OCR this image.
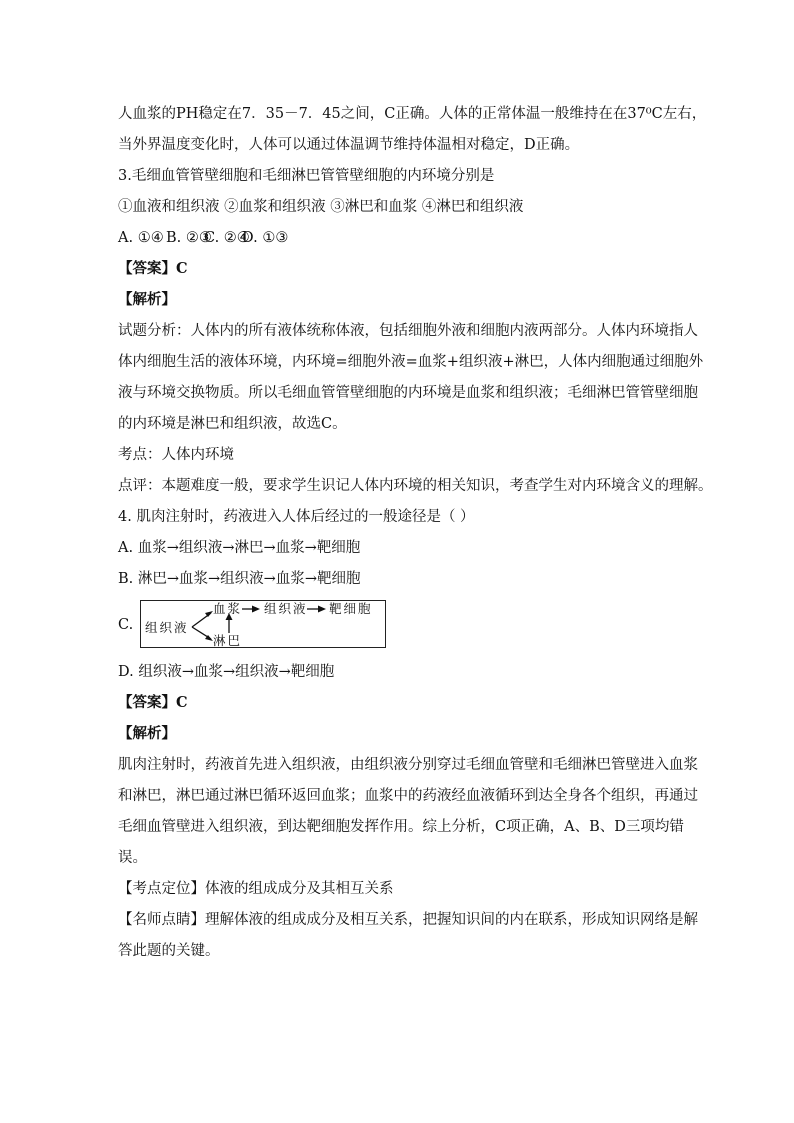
人血浆的PH稳定在7．35－7．45之间，C正确。人体的正常体温一般维持在在37⁰C左右，
当外界温度变化时，人体可以通过体温调节维持体温相对稳定，D正确。
3.毛细血管管壁细胞和毛细淋巴管管壁细胞的内环境分别是
①血液和组织液 ②血浆和组织液 ③淋巴和血浆 ④淋巴和组织液
A. ①④ B. ②③C. ②④D. ①③
【答案】C
【解析】
试题分析：人体内的所有液体统称体液，包括细胞外液和细胞内液两部分。人体内环境指人
体内细胞生活的液体环境，内环境=细胞外液=血浆+组织液+淋巴，人体内细胞通过细胞外
液与环境交换物质。所以毛细血管管壁细胞的内环境是血浆和组织液；毛细淋巴管管壁细胞
的内环境是淋巴和组织液，故选C。
考点：人体内环境
点评：本题难度一般，要求学生识记人体内环境的相关知识，考查学生对内环境含义的理解。
4. 肌肉注射时，药液进入人体后经过的一般途径是（ ）
A. 血浆→组织液→淋巴→血浆→靶细胞
B. 淋巴→血浆→组织液→血浆→靶细胞
C. 组织液
血浆 组织液 靶细胞
淋巴
D. 组织液→血浆→组织液→靶细胞
【答案】C
【解析】
肌肉注射时，药液首先进入组织液，由组织液分别穿过毛细血管壁和毛细淋巴管壁进入血浆
和淋巴，淋巴通过淋巴循环返回血浆；血浆中的药液经血液循环到达全身各个组织，再通过
毛细血管壁进入组织液，到达靶细胞发挥作用。综上分析，C项正确，A、B、D三项均错
误。
【考点定位】体液的组成成分及其相互关系
【名师点睛】理解体液的组成成分及相互关系，把握知识间的内在联系，形成知识网络是解
答此题的关键。
